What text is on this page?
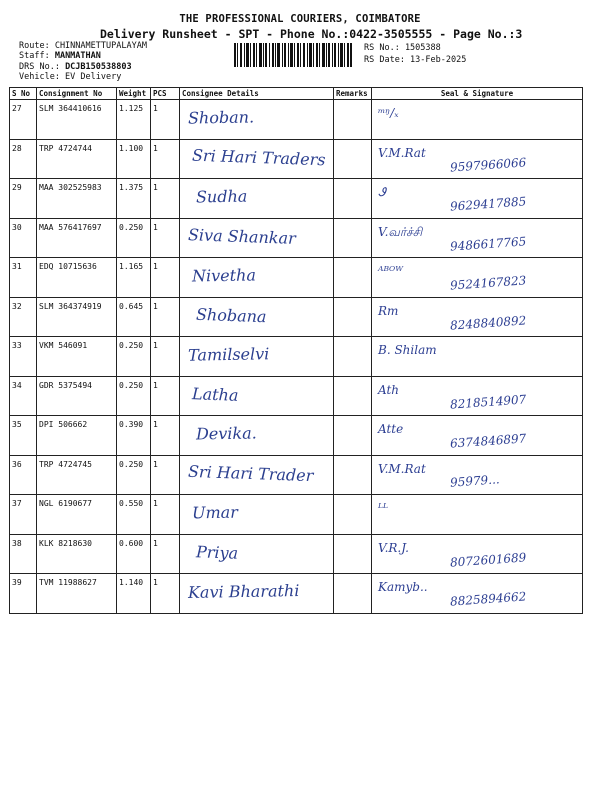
THE PROFESSIONAL COURIERS, COIMBATORE
Delivery Runsheet - SPT - Phone No.:0422-3505555 - Page No.:3
Route: CHINNAMETTUPALAYAM
Staff: MANMATHAN
DRS No.: DCJB150538803
Vehicle: EV Delivery
RS No.: 1505388
RS Date: 13-Feb-2025
S No	Consignment No	Weight	PCS	Consignee Details	Remarks	Seal & Signature
27	SLM 364410616	1.125	1	Shoban.		ᵐᵑ/ₓ

28	TRP 4724744	1.100	1	Sri Hari Traders		V.M.Rat
9597966066

29	MAA 302525983	1.375	1	Sudha		Ꮽ
9629417885

30	MAA 576417697	0.250	1	Siva Shankar		V.வர்ச்சி
9486617765

31	EDQ 10715636	1.165	1	Nivetha		ᴬᴮᴼᵂ
9524167823

32	SLM 364374919	0.645	1	Shobana		Rm
8248840892

33	VKM 546091	0.250	1	Tamilselvi		B. Shilam

34	GDR 5375494	0.250	1	Latha		Ath
8218514907

35	DPI 506662	0.390	1	Devika.		Atte
6374846897

36	TRP 4724745	0.250	1	Sri Hari Trader		V.M.Rat
95979...

37	NGL 6190677	0.550	1	Umar		ᴸᴸ

38	KLK 8218630	0.600	1	Priya		V.R.J.
8072601689

39	TVM 11988627	1.140	1	Kavi Bharathi		Kamyb..
8825894662
